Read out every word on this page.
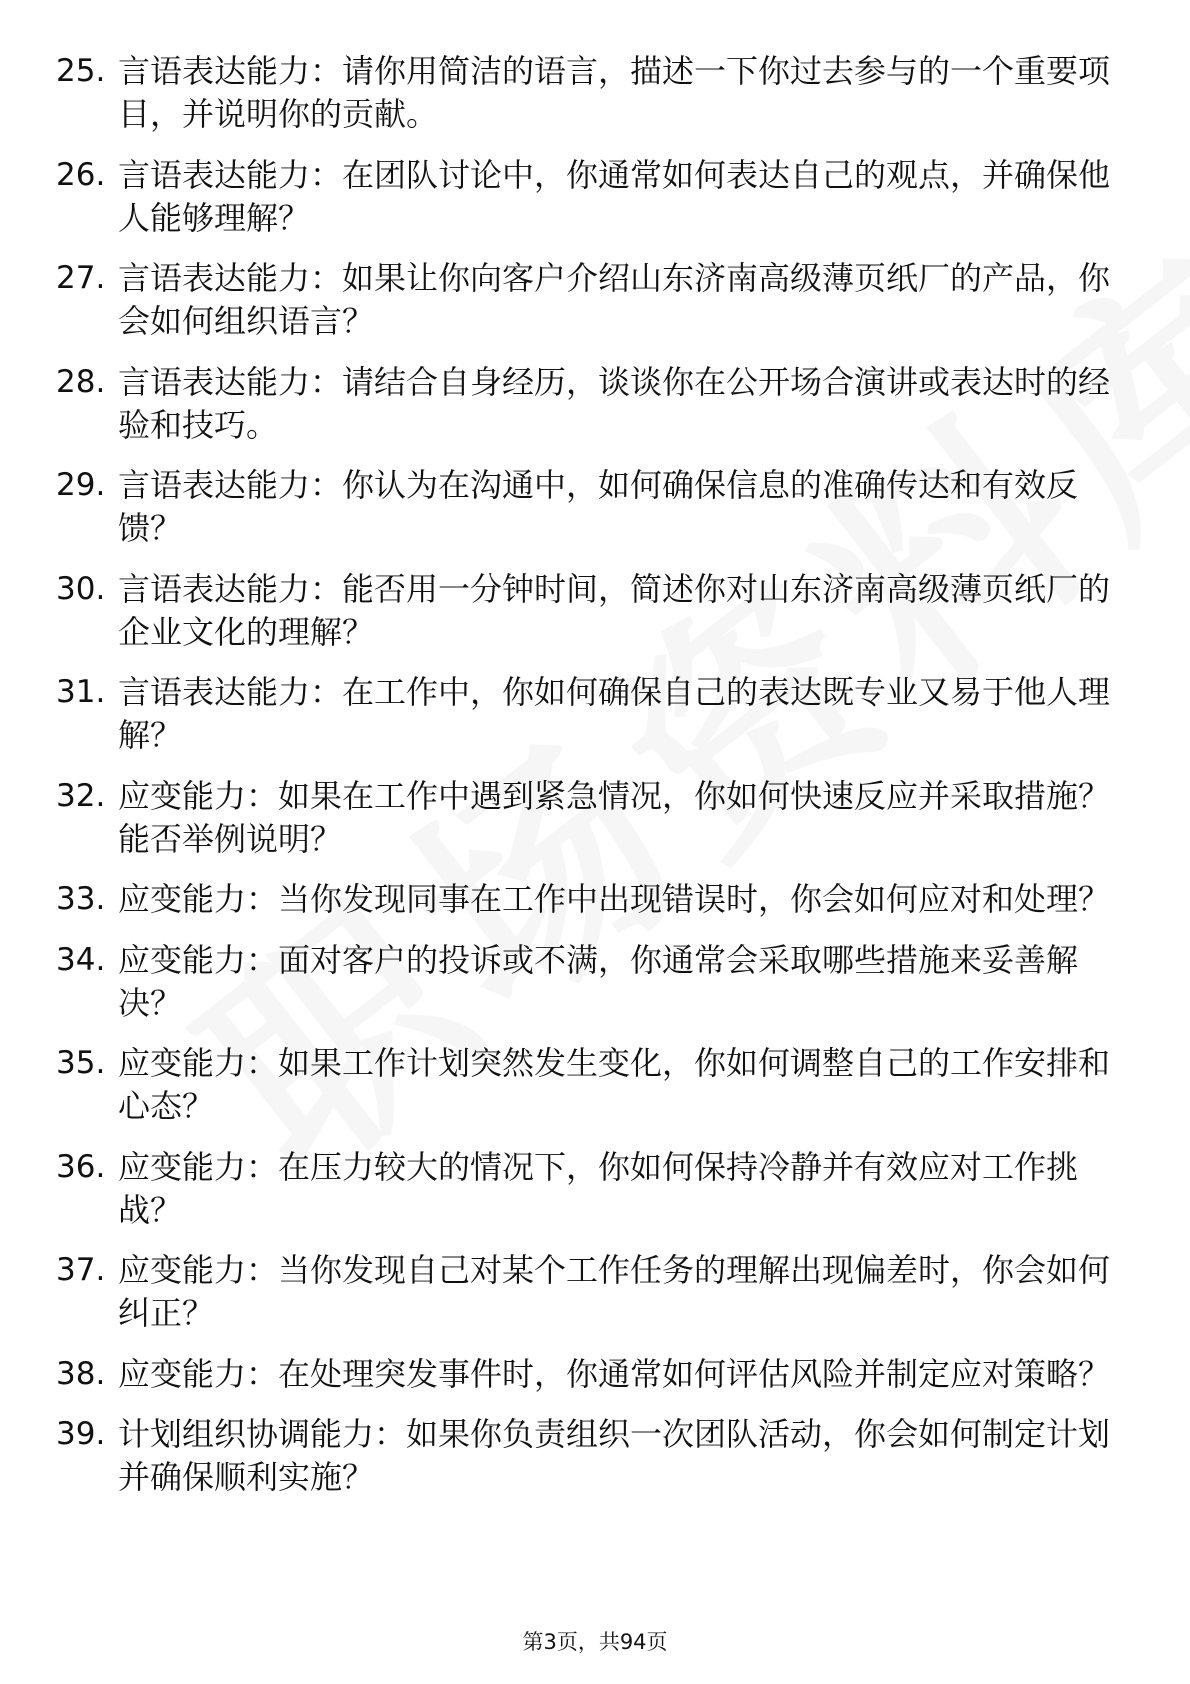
25. 言语表达能力：请你用简洁的语言，描述一下你过去参与的一个重要项目，并说明你的贡献。
26. 言语表达能力：在团队讨论中，你通常如何表达自己的观点，并确保他人能够理解？
27. 言语表达能力：如果让你向客户介绍山东济南高级薄页纸厂的产品，你会如何组织语言？
28. 言语表达能力：请结合自身经历，谈谈你在公开场合演讲或表达时的经验和技巧。
29. 言语表达能力：你认为在沟通中，如何确保信息的准确传达和有效反馈？
30. 言语表达能力：能否用一分钟时间，简述你对山东济南高级薄页纸厂的企业文化的理解？
31. 言语表达能力：在工作中，你如何确保自己的表达既专业又易于他人理解？
32. 应变能力：如果在工作中遇到紧急情况，你如何快速反应并采取措施？能否举例说明？
33. 应变能力：当你发现同事在工作中出现错误时，你会如何应对和处理？
34. 应变能力：面对客户的投诉或不满，你通常会采取哪些措施来妥善解决？
35. 应变能力：如果工作计划突然发生变化，你如何调整自己的工作安排和心态？
36. 应变能力：在压力较大的情况下，你如何保持冷静并有效应对工作挑战？
37. 应变能力：当你发现自己对某个工作任务的理解出现偏差时，你会如何纠正？
38. 应变能力：在处理突发事件时，你通常如何评估风险并制定应对策略？
39. 计划组织协调能力：如果你负责组织一次团队活动，你会如何制定计划并确保顺利实施？
第3页，共94页
